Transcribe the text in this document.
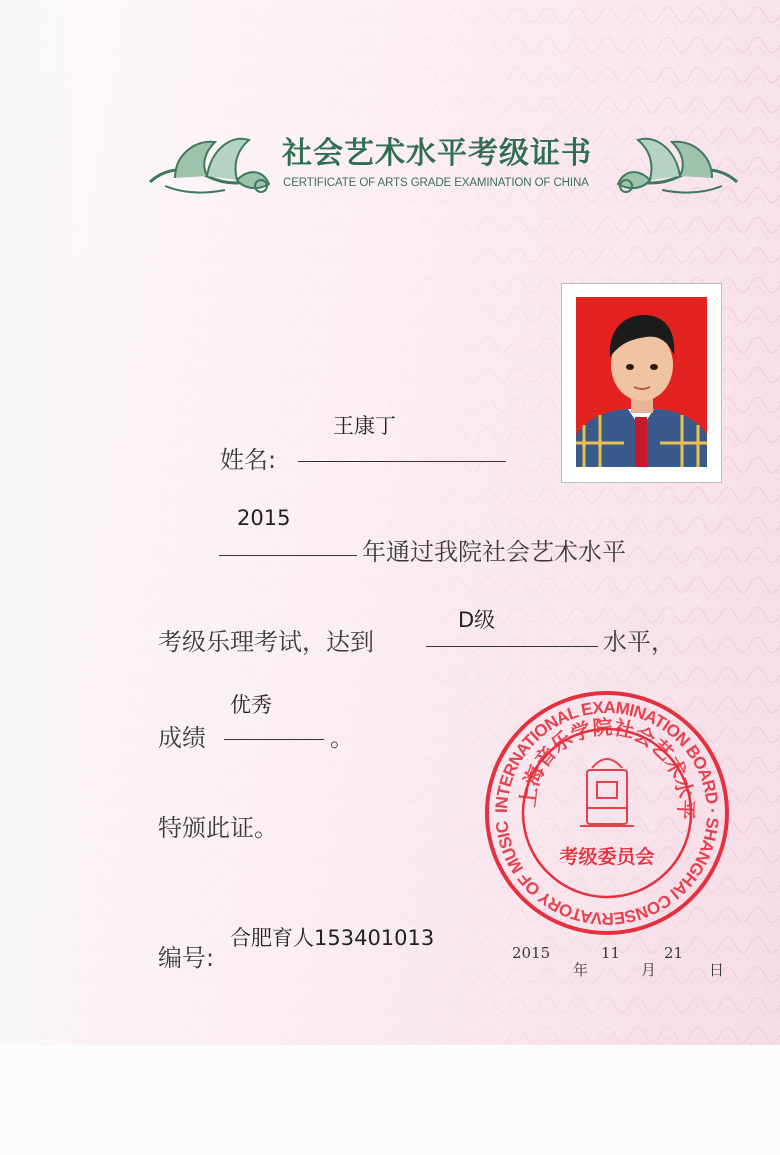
社会艺术水平考级证书
CERTIFICATE OF ARTS GRADE EXAMINATION OF CHINA
王康丁
姓名:
2015
年通过我院社会艺术水平
考级乐理考试，达到
D级
水平，
优秀
成绩	。
特颁此证。
编号:
合肥育人153401013
2015
年
11
月
21
日
INTERNATIONAL EXAMINATION BOARD · SHANGHAI CONSERVATORY OF MUSIC
上海音乐学院社会艺术水平
考级委员会
